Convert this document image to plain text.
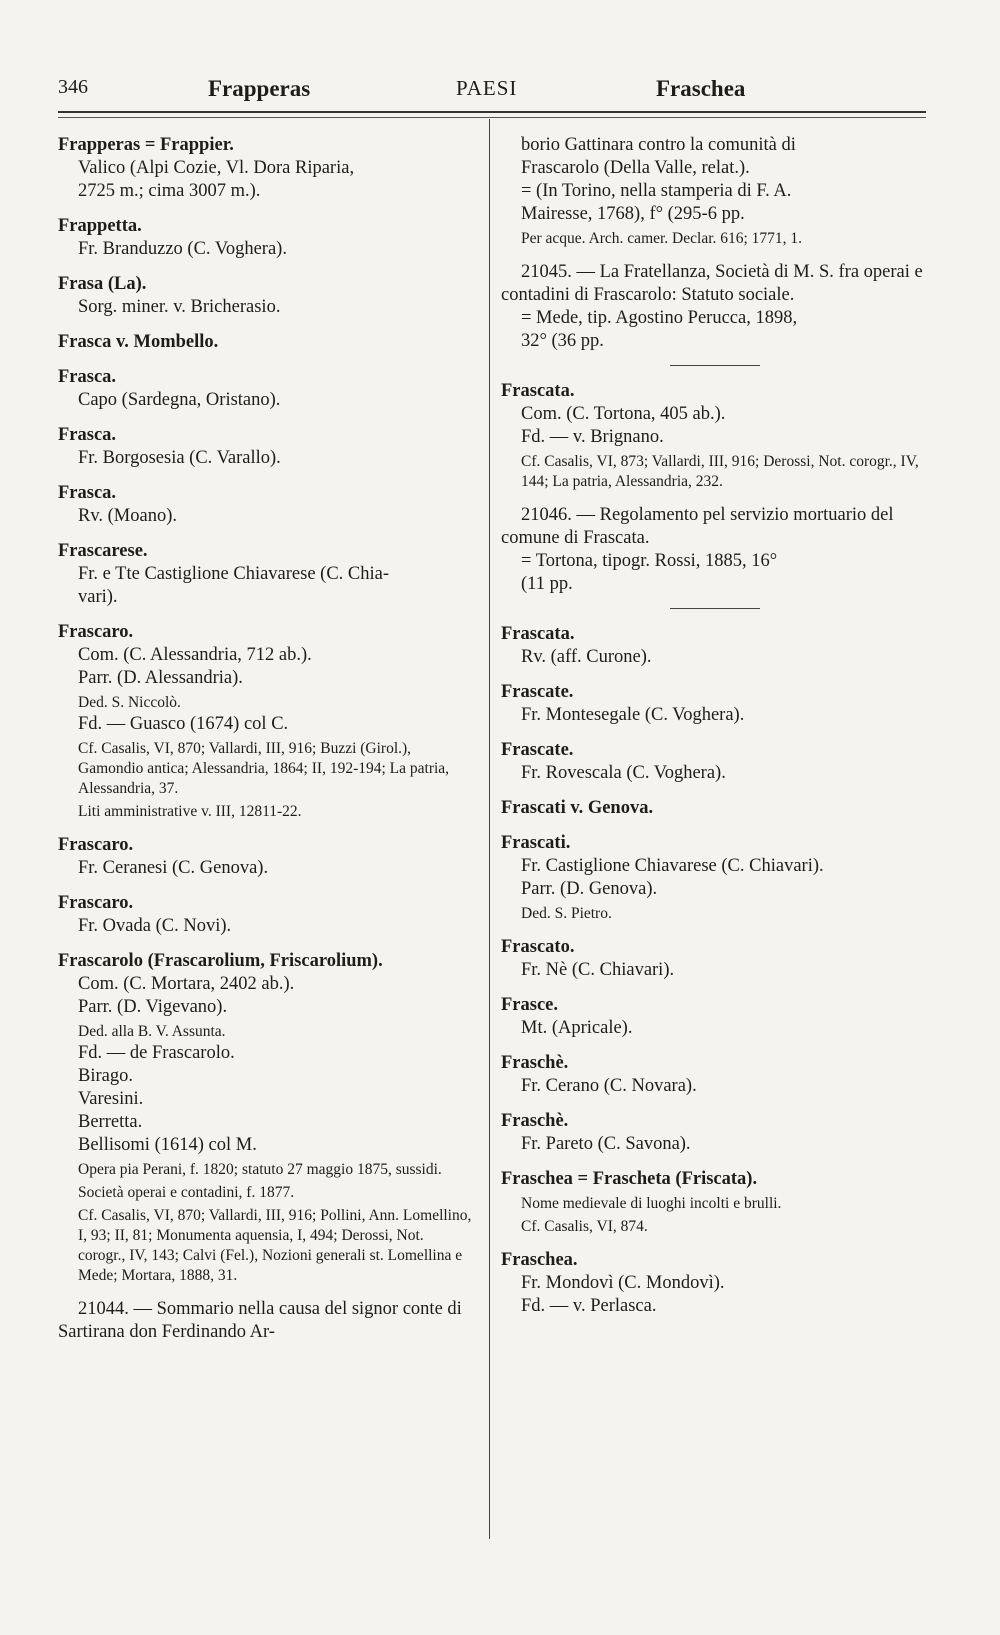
346	Frapperas	PAESI	Fraschea
Frapperas = Frappier.
Valico (Alpi Cozie, Vl. Dora Riparia,
2725 m.; cima 3007 m.).
Frappetta.
Fr. Branduzzo (C. Voghera).
Frasa (La).
Sorg. miner. v. Bricherasio.
Frasca v. Mombello.
Frasca.
Capo (Sardegna, Oristano).
Frasca.
Fr. Borgosesia (C. Varallo).
Frasca.
Rv. (Moano).
Frascarese.
Fr. e Tte Castiglione Chiavarese (C. Chia-
vari).
Frascaro.
Com. (C. Alessandria, 712 ab.).
Parr. (D. Alessandria).
Ded. S. Niccolò.
Fd. — Guasco (1674) col C.
Cf. Casalis, VI, 870; Vallardi, III, 916; Buzzi (Girol.), Gamondio antica; Alessandria, 1864; II, 192-194; La patria, Alessandria, 37.
Liti amministrative v. III, 12811-22.
Frascaro.
Fr. Ceranesi (C. Genova).
Frascaro.
Fr. Ovada (C. Novi).
Frascarolo (Frascarolium, Friscarolium).
Com. (C. Mortara, 2402 ab.).
Parr. (D. Vigevano).
Ded. alla B. V. Assunta.
Fd. — de Frascarolo.
Birago.
Varesini.
Berretta.
Bellisomi (1614) col M.
Opera pia Perani, f. 1820; statuto 27 maggio 1875, sussidi.
Società operai e contadini, f. 1877.
Cf. Casalis, VI, 870; Vallardi, III, 916; Pollini, Ann. Lomellino, I, 93; II, 81; Monumenta aquensia, I, 494; Derossi, Not. corogr., IV, 143; Calvi (Fel.), Nozioni generali st. Lomellina e Mede; Mortara, 1888, 31.
21044. — Sommario nella causa del signor conte di Sartirana don Ferdinando Ar-
borio Gattinara contro la comunità di
Frascarolo (Della Valle, relat.).
= (In Torino, nella stamperia di F. A.
Mairesse, 1768), f° (295-6 pp.
Per acque. Arch. camer. Declar. 616; 1771, 1.
21045. — La Fratellanza, Società di M. S. fra operai e contadini di Frascarolo: Statuto sociale.
= Mede, tip. Agostino Perucca, 1898,
32° (36 pp.
Frascata.
Com. (C. Tortona, 405 ab.).
Fd. — v. Brignano.
Cf. Casalis, VI, 873; Vallardi, III, 916; Derossi, Not. corogr., IV, 144; La patria, Alessandria, 232.
21046. — Regolamento pel servizio mortuario del comune di Frascata.
= Tortona, tipogr. Rossi, 1885, 16°
(11 pp.
Frascata.
Rv. (aff. Curone).
Frascate.
Fr. Montesegale (C. Voghera).
Frascate.
Fr. Rovescala (C. Voghera).
Frascati v. Genova.
Frascati.
Fr. Castiglione Chiavarese (C. Chiavari).
Parr. (D. Genova).
Ded. S. Pietro.
Frascato.
Fr. Nè (C. Chiavari).
Frasce.
Mt. (Apricale).
Fraschè.
Fr. Cerano (C. Novara).
Fraschè.
Fr. Pareto (C. Savona).
Fraschea = Frascheta (Friscata).
Nome medievale di luoghi incolti e brulli.
Cf. Casalis, VI, 874.
Fraschea.
Fr. Mondovì (C. Mondovì).
Fd. — v. Perlasca.
